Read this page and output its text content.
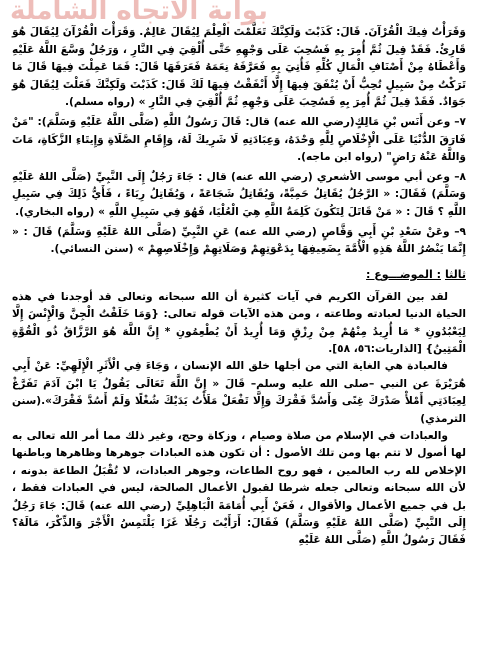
بوابة الاتجاه الشاملة

وَقَرَأْتُ فِيكَ الْقُرْآنَ. قَالَ: كَذَبْتَ وَلَكِنَّكَ تَعَلَّمْتَ الْعِلْمَ لِيُقَالَ عَالِمٌ. وَقَرَأْتَ الْقُرْآنَ لِيُقَالَ هُوَ قَارِئٌ. فَقَدْ قِيلَ ثُمَّ أُمِرَ بِهِ فَسُحِبَ عَلَى وَجْهِهِ حَتَّى أُلْقِيَ فِي النَّارِ ، وَرَجُلٌ وَسَّعَ اللَّهُ عَلَيْهِ وَأَعْطَاهُ مِنْ أَصْنَافِ الْمَالِ كُلِّهِ فَأُتِيَ بِهِ فَعَرَّفَهُ نِعَمَهُ فَعَرَفَهَا قَالَ: فَمَا عَمِلْتَ فِيهَا قَالَ مَا تَرَكْتُ مِنْ سَبِيلٍ تُحِبُّ أَنْ يُنْفَقَ فِيهَا إِلَّا أَنْفَقْتُ فِيهَا لَكَ قَالَ: كَذَبْتَ وَلَكِنَّكَ فَعَلْتَ لِيُقَالَ هُوَ جَوَادٌ. فَقَدْ قِيلَ ثُمَّ أُمِرَ بِهِ فَسُحِبَ عَلَى وَجْهِهِ ثُمَّ أُلْقِيَ فِي النَّارِ » (رواه مسلم).

٧– وعن أَنَس بْنِ مَالِكٍ(رضي الله عنه) قال: قَالَ رَسُولُ اللَّهِ (صَلَّى اللَّهُ عَلَيْهِ وَسَلَّمَ): "مَنْ فَارَقَ الدُّنْيَا عَلَى الْإِخْلَاصِ لِلَّهِ وَحْدَهُ، وَعِبَادَتِهِ لَا شَرِيكَ لَهُ، وَإِقَامِ الصَّلَاةِ وَإِيتَاءِ الزَّكَاةِ، مَاتَ وَاللَّهُ عَنْهُ رَاضٍ" (رواه ابن ماجه).

٨– وعن أبي موسى الأشعري (رضي الله عنه) قال : جَاءَ رَجُلٌ إِلَى النَّبِيِّ (صَلَّى اللهُ عَلَيْهِ وَسَلَّمَ) فَقَالَ: « الرَّجُلُ يُقَاتِلُ حَمِيَّةً، وَيُقَاتِلُ شَجَاعَةً ، وَيُقَاتِلُ رِيَاءً ، فَأَيُّ ذَلِكَ فِي سَبِيلِ اللَّهِ ؟ قَالَ : « مَنْ قَاتَلَ لِتَكُونَ كَلِمَةُ اللَّهِ هِيَ الْعُلْيَا، فَهُوَ فِي سَبِيلِ اللَّهِ » (رواه البخاري).

٩– وعَنْ سَعْدِ بْنِ أَبِي وَقَّاصٍ (رضي الله عنه) عَنِ النَّبِيِّ (صَلَّى اللهُ عَلَيْهِ وَسَلَّمَ) قَالَ : « إِنَّمَا يَنْصُرُ اللَّهُ هَذِهِ الْأُمَّةَ بِضَعِيفِهَا بِدَعْوَتِهِمْ وَصَلَاتِهِمْ وَإِخْلَاصِهِمْ » (سنن النسائي).

ثالثا
: الموضـــوع :

لقد بين القرآن الكريم في آيات كثيرة أن الله سبحانه وتعالى قد أوجدنا في هذه الحياة الدنيا لعبادته وطاعته ، ومن هذه الآيات قوله تعالى: {وَمَا خَلَقْتُ الْجِنَّ وَالْإِنْسَ إِلَّا لِيَعْبُدُونِ * مَا أُرِيدُ مِنْهُمْ مِنْ رِزْقٍ وَمَا أُرِيدُ أَنْ يُطْعِمُونِ * إِنَّ اللَّهَ هُوَ الرَّزَّاقُ ذُو الْقُوَّةِ الْمَتِينُ} [الذاريات:٥٦، ٥٨].

فالعبادة هي الغاية التي من أجلها خلق الله الإنسان ، وَجَاءَ فِي الْأَثَرِ الْإِلَهِيِّ: عَنْ أَبِي هُرَيْرَةَ عن النبي –صلى الله عليه وسلم– قَالَ « إِنَّ اللَّهَ تَعَالَى يَقُولُ يَا ابْنَ آدَمَ تَفَرَّغْ لِعِبَادَتِي أَمْلأْ صَدْرَكَ غِنًى وَأَسُدَّ فَقْرَكَ وَإِلَّا تَفْعَلْ مَلَأْتُ يَدَيْكَ شُغْلًا وَلَمْ أَسُدَّ فَقْرَكَ».(سنن الترمذي)

والعبادات في الإسلام من صلاة وصيام ، وزكاة وحج، وغير ذلك مما أمر الله تعالى به لها أصول لا تتم بها ومن تلك الأصول : أن تكون هذه العبادات جوهرها وظاهرها وباطنها الإخلاص لله رب العالمين ، فهو روح الطاعات، وجوهر العبادات، لا تُقْبَلُ الطاعة بدونه ، لأن الله سبحانه وتعالى جعله شرطا لقبول الأعمال الصالحة، ليس في العبادات فقط ، بل في جميع الأعمال والأقوال ، فَعَنْ أَبِي أُمَامَةَ الْبَاهِلِيِّ (رضي الله عنه) قَالَ: جَاءَ رَجُلٌ إِلَى النَّبِيِّ (صَلَّى اللهُ عَلَيْهِ وَسَلَّمَ) فَقَالَ: أَرَأَيْتَ رَجُلًا غَزَا يَلْتَمِسُ الْأَجْرَ وَالذِّكْرَ، مَالَهُ؟ فَقَالَ رَسُولُ اللَّهِ (صَلَّى اللهُ عَلَيْهِ
